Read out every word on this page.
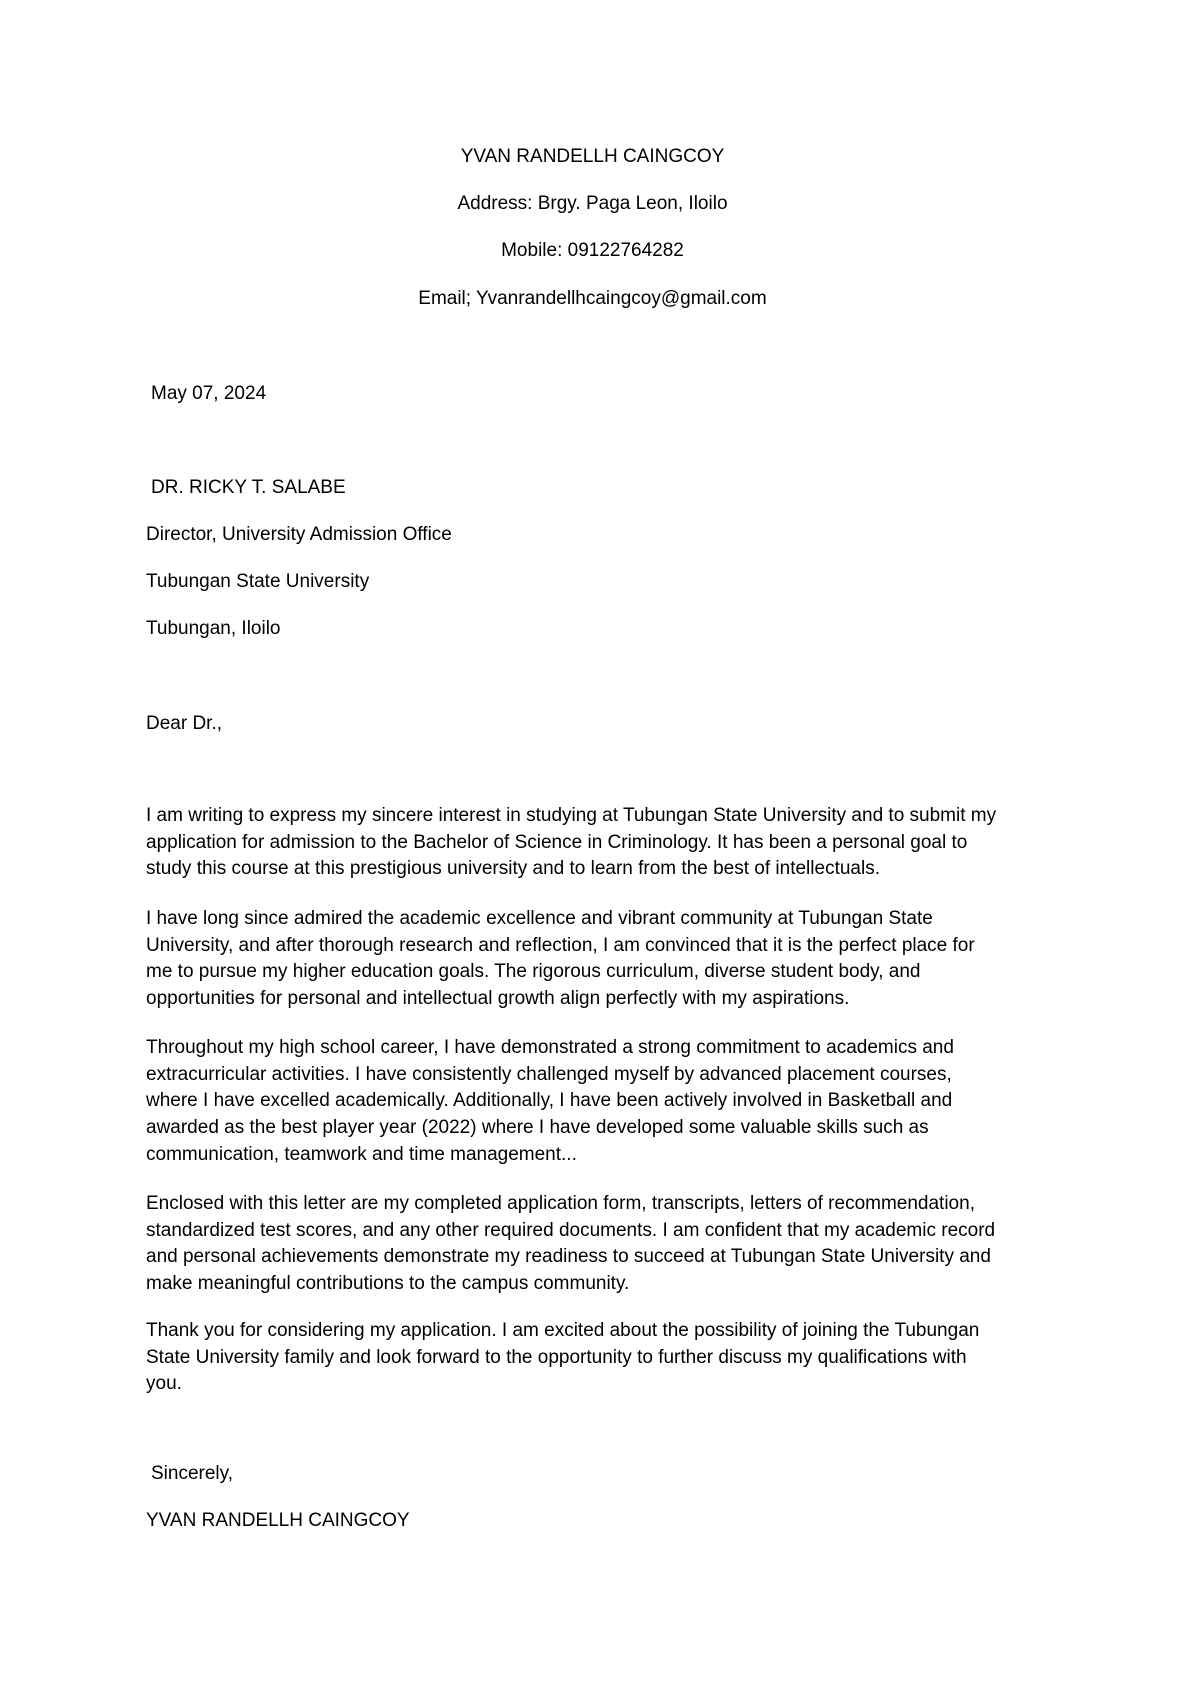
YVAN RANDELLH CAINGCOY
Address: Brgy. Paga Leon, Iloilo
Mobile: 09122764282
Email; Yvanrandellhcaingcoy@gmail.com
May 07, 2024
DR. RICKY T. SALABE
Director, University Admission Office
Tubungan State University
Tubungan, Iloilo
Dear Dr.,
I am writing to express my sincere interest in studying at Tubungan State University and to submit my
application for admission to the Bachelor of Science in Criminology. It has been a personal goal to
study this course at this prestigious university and to learn from the best of intellectuals.
I have long since admired the academic excellence and vibrant community at Tubungan State
University, and after thorough research and reflection, I am convinced that it is the perfect place for
me to pursue my higher education goals. The rigorous curriculum, diverse student body, and
opportunities for personal and intellectual growth align perfectly with my aspirations.
Throughout my high school career, I have demonstrated a strong commitment to academics and
extracurricular activities. I have consistently challenged myself by advanced placement courses,
where I have excelled academically. Additionally, I have been actively involved in Basketball and
awarded as the best player year (2022) where I have developed some valuable skills such as
communication, teamwork and time management...
Enclosed with this letter are my completed application form, transcripts, letters of recommendation,
standardized test scores, and any other required documents. I am confident that my academic record
and personal achievements demonstrate my readiness to succeed at Tubungan State University and
make meaningful contributions to the campus community.
Thank you for considering my application. I am excited about the possibility of joining the Tubungan
State University family and look forward to the opportunity to further discuss my qualifications with
you.
Sincerely,
YVAN RANDELLH CAINGCOY
